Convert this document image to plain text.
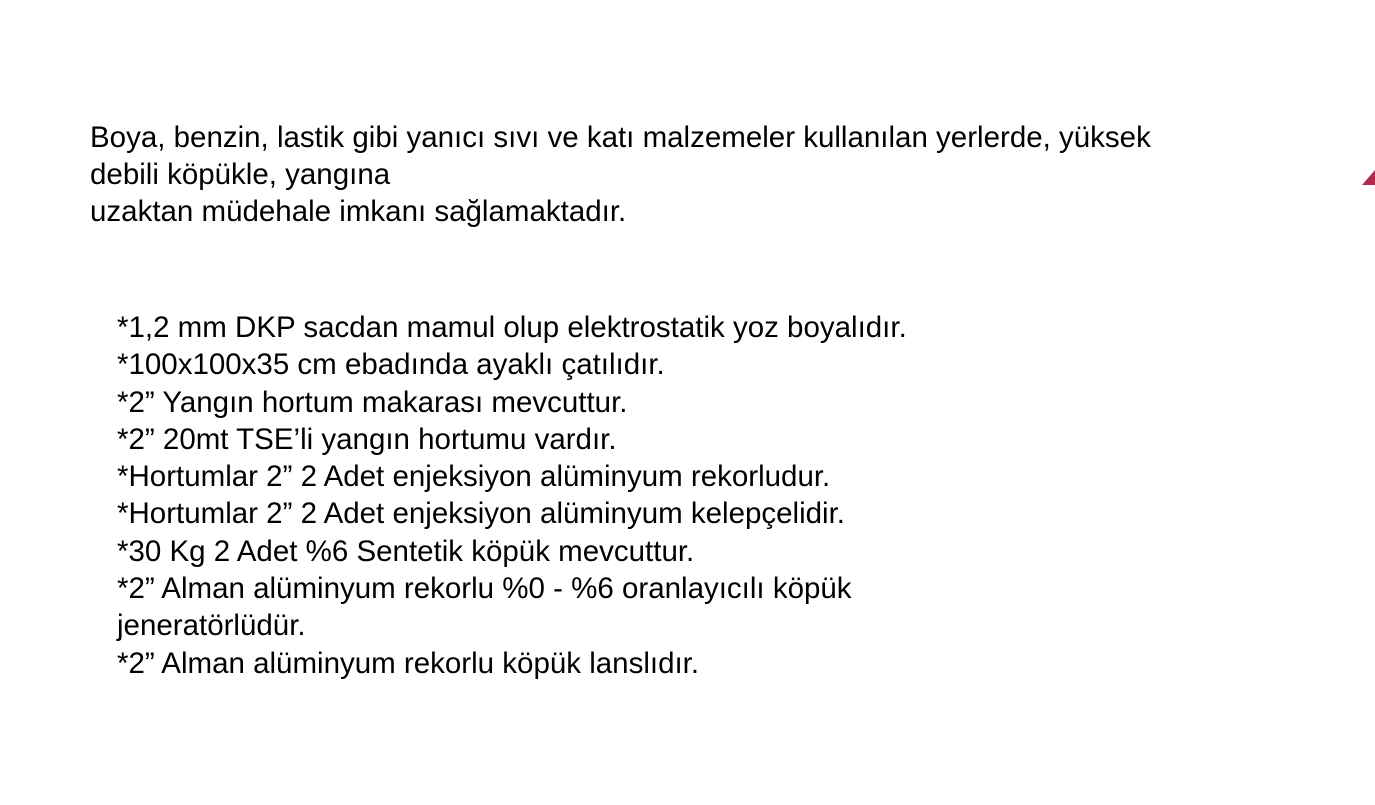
Boya, benzin, lastik gibi yanıcı sıvı ve katı malzemeler kullanılan yerlerde, yüksek
debili köpükle, yangına
uzaktan müdehale imkanı sağlamaktadır.
*1,2 mm DKP sacdan mamul olup elektrostatik yoz boyalıdır.
*100x100x35 cm ebadında ayaklı çatılıdır.
*2” Yangın hortum makarası mevcuttur.
*2” 20mt TSE’li yangın hortumu vardır.
*Hortumlar 2” 2 Adet enjeksiyon alüminyum rekorludur.
*Hortumlar 2” 2 Adet enjeksiyon alüminyum kelepçelidir.
*30 Kg 2 Adet %6 Sentetik köpük mevcuttur.
*2” Alman alüminyum rekorlu %0 - %6 oranlayıcılı köpük
jeneratörlüdür.
*2” Alman alüminyum rekorlu köpük lanslıdır.
